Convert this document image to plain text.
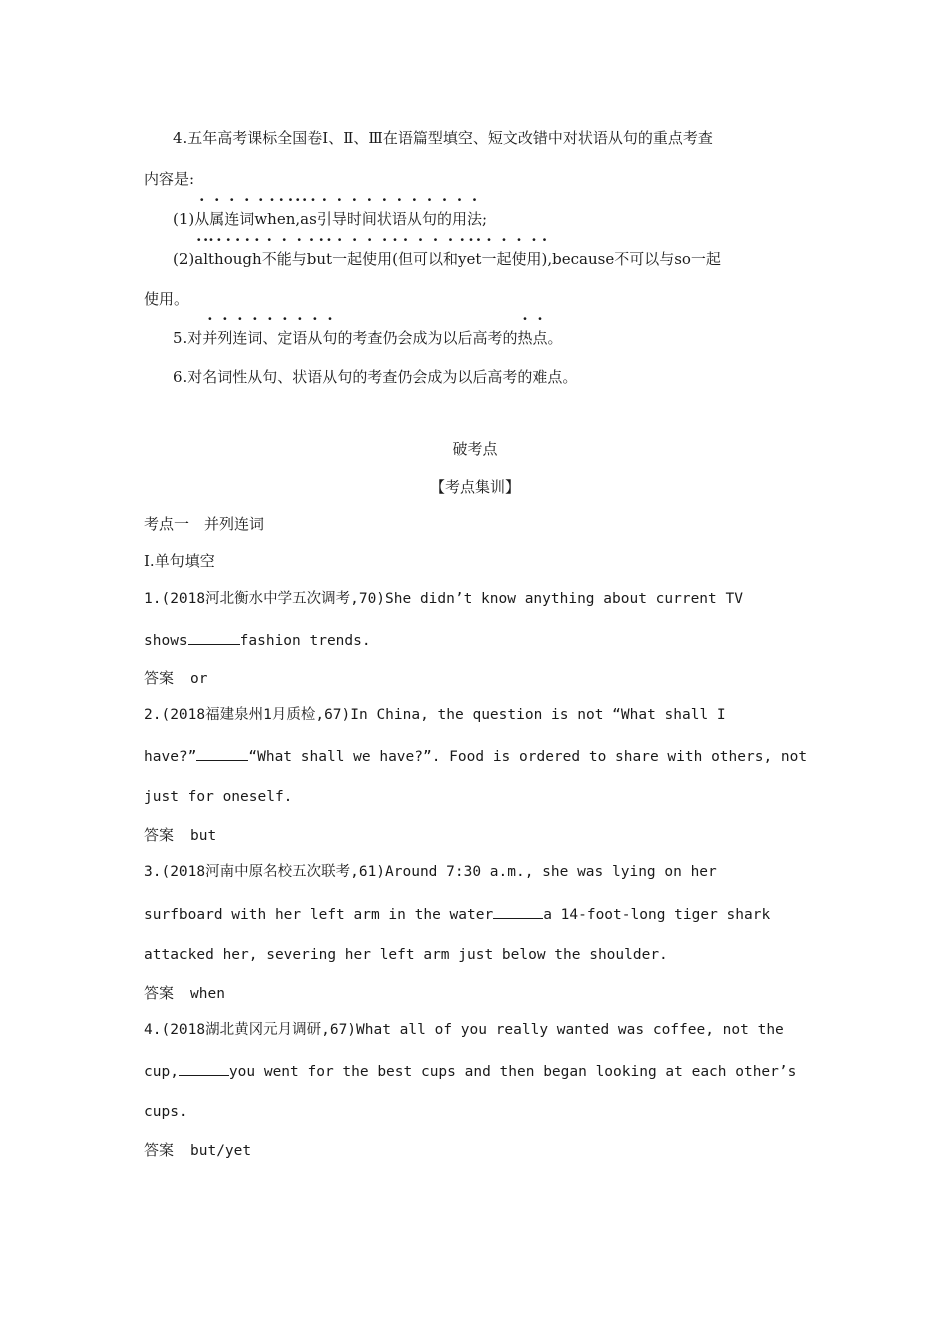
4.五年高考课标全国卷Ⅰ、Ⅱ、Ⅲ在语篇型填空、短文改错中对状语从句的重点考查
内容是:
(1)从属连词· w· h· e· n· ,· a· s引导时间状语从句的用法;
(2)· a· l· t· h· o· u· g· h不能与· b· u· t一起使用· (但可以和· y· e· t一起使用· ),because不可以与so一起
使用。
5.对并列连词· 、定语从句的考查仍会成为以后高考的热点。
6.对名词性从句、状语从句的考查仍会成为以后高考的难点。
破考点
【考点集训】
考点一　并列连词
Ⅰ.单句填空
1.(2018河北衡水中学五次调考,70)She didn’t know anything about current TV
shows	fashion trends.
答案 or
2.(2018福建泉州1月质检,67)In China, the question is not “What shall I
have?”	“What shall we have?”. Food is ordered to share with others, not
just for oneself.
答案 but
3.(2018河南中原名校五次联考,61)Around 7:30 a.m., she was lying on her
surfboard with her left arm in the water	a 14-foot-long tiger shark
attacked her, severing her left arm just below the shoulder.
答案 when
4.(2018湖北黄冈元月调研,67)What all of you really wanted was coffee, not the
cup,	you went for the best cups and then began looking at each other’s
cups.
答案 but/yet
